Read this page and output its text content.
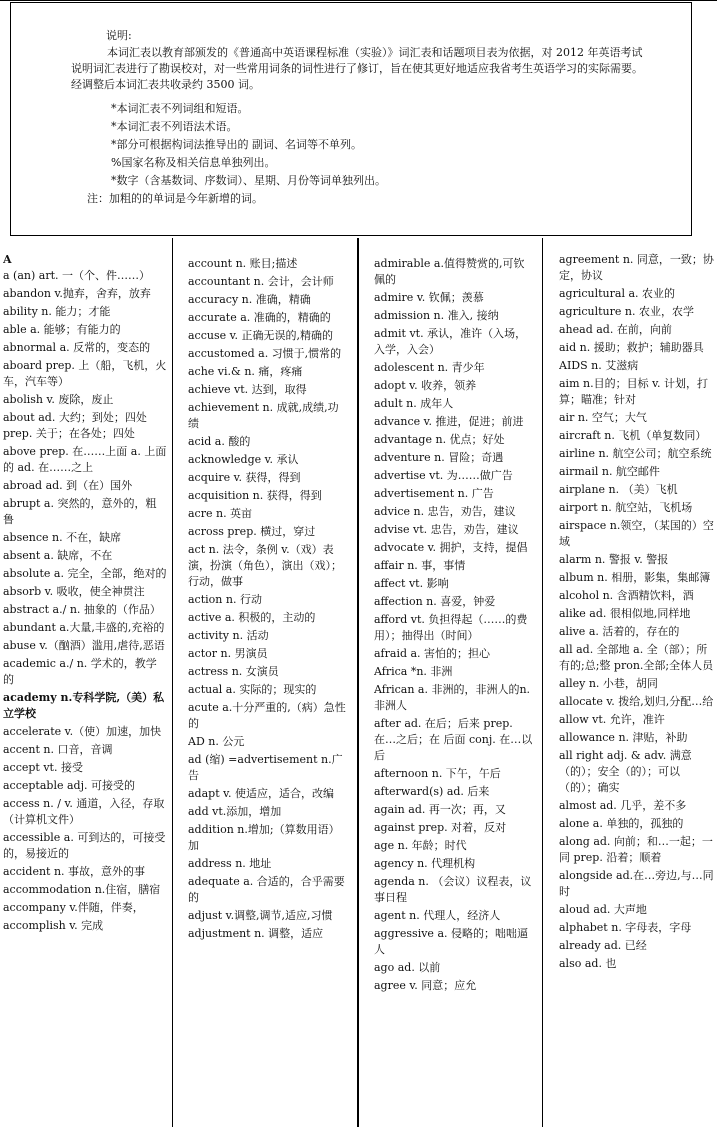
说明:
本词汇表以教育部颁发的《普通高中英语课程标准（实验）》词汇表和话题项目表为依据，对 2012 年英语考试说明词汇表进行了勘误校对，对一些常用词条的词性进行了修订，旨在使其更好地适应我省考生英语学习的实际需要。经调整后本词汇表共收录约 3500 词。
*本词汇表不列词组和短语。
*本词汇表不列语法术语。
*部分可根据构词法推导出的 副词、名词等不单列。
%国家名称及相关信息单独列出。
*数字（含基数词、序数词）、星期、月份等词单独列出。
注：加粗的的单词是今年新增的词。
A
a (an) art. 一（个、件……）
abandon v.抛弃，舍弃，放弃
ability n. 能力；才能
able a. 能够；有能力的
abnormal a. 反常的，变态的
aboard prep. 上（船，飞机，火车，汽车等）
abolish v. 废除，废止
about ad. 大约；到处；四处 prep. 关于；在各处；四处
above prep. 在……上面 a. 上面的 ad. 在……之上
abroad ad. 到（在）国外
abrupt a. 突然的，意外的，粗鲁
absence n. 不在，缺席
absent a. 缺席，不在
absolute a. 完全，全部，绝对的
absorb v. 吸收，使全神贯注
abstract a./ n. 抽象的（作品）
abundant a.大量,丰盛的,充裕的
abuse v.（酗酒）滥用,虐待,恶语
academic a./ n. 学术的，教学的
academy n.专科学院,（美）私立学校
accelerate v.（使）加速，加快
accent n. 口音，音调
accept vt. 接受
acceptable adj. 可接受的
access n. / v. 通道，入径，存取（计算机文件）
accessible a. 可到达的，可接受的，易接近的
accident n. 事故，意外的事
accommodation n.住宿，膳宿
accompany v.伴随，伴奏，
accomplish v. 完成
account n. 账目;描述
accountant n. 会计，会计师
accuracy n. 准确，精确
accurate a. 准确的，精确的
accuse v. 正确无误的,精确的
accustomed a. 习惯于,惯常的
ache vi.& n. 痛，疼痛
achieve vt. 达到，取得
achievement n. 成就,成绩,功绩
acid a. 酸的
acknowledge v. 承认
acquire v. 获得，得到
acquisition n. 获得，得到
acre n. 英亩
across prep. 横过，穿过
act n. 法令，条例 v.（戏）表演，扮演（角色），演出（戏）；行动，做事
action n. 行动
active a. 积极的，主动的
activity n. 活动
actor n. 男演员
actress n. 女演员
actual a. 实际的；现实的
acute a.十分严重的,（病）急性的
AD n. 公元
ad (缩) =advertisement n.广告
adapt v. 使适应，适合，改编
add vt.添加，增加
addition n.增加;（算数用语）加
address n. 地址
adequate a. 合适的，合乎需要的
adjust v.调整,调节,适应,习惯
adjustment n. 调整，适应
admirable a.值得赞赏的,可钦佩的
admire v. 钦佩；羡慕
admission n. 准入, 接纳
admit vt. 承认，准许（入场，入学，入会）
adolescent n. 青少年
adopt v. 收养，领养
adult n. 成年人
advance v. 推进，促进；前进
advantage n. 优点；好处
adventure n. 冒险；奇遇
advertise vt. 为……做广告
advertisement n. 广告
advice n. 忠告，劝告，建议
advise vt. 忠告，劝告，建议
advocate v. 拥护，支持，提倡
affair n. 事，事情
affect vt. 影响
affection n. 喜爱，钟爱
afford vt. 负担得起（……的费用）；抽得出（时间）
afraid a. 害怕的；担心
Africa *n. 非洲
African a. 非洲的，非洲人的n. 非洲人
after ad. 在后；后来 prep. 在…之后；在 后面 conj. 在…以后
afternoon n. 下午，午后
afterward(s) ad. 后来
again ad. 再一次；再，又
against prep. 对着，反对
age n. 年龄；时代
agency n. 代理机构
agenda n. （会议）议程表，议事日程
agent n. 代理人，经济人
aggressive a. 侵略的；咄咄逼人
ago ad. 以前
agree v. 同意；应允
agreement n. 同意，一致；协定，协议
agricultural a. 农业的
agriculture n. 农业，农学
ahead ad. 在前，向前
aid n. 援助；救护；辅助器具
AIDS n. 艾滋病
aim n.目的；目标 v. 计划，打算；瞄准；针对
air n. 空气；大气
aircraft n. 飞机（单复数同）
airline n. 航空公司；航空系统
airmail n. 航空邮件
airplane n. （美）飞机
airport n. 航空站，飞机场
airspace n.领空，（某国的）空域
alarm n. 警报 v. 警报
album n. 相册，影集，集邮簿
alcohol n. 含酒精饮料，酒
alike ad. 很相似地,同样地
alive a. 活着的，存在的
all ad. 全部地 a. 全（部）；所有的;总;整 pron.全部;全体人员
alley n. 小巷，胡同
allocate v. 拨给,划归,分配…给
allow vt. 允许，准许
allowance n. 津贴，补助
all right adj. & adv. 满意（的）；安全（的）；可以（的）；确实
almost ad. 几乎，差不多
alone a. 单独的，孤独的
along ad. 向前；和…一起；一同 prep. 沿着；顺着
alongside ad.在…旁边,与…同时
aloud ad. 大声地
alphabet n. 字母表，字母
already ad. 已经
also ad. 也
